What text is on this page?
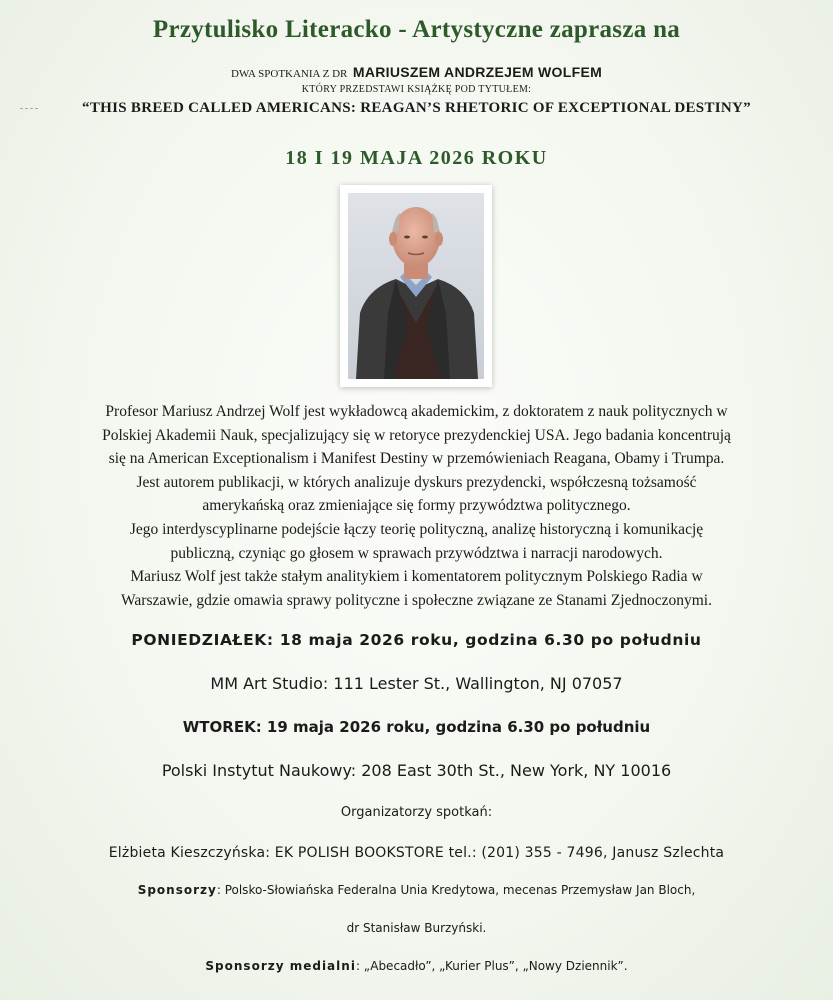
Przytulisko Literacko - Artystyczne zaprasza na
DWA SPOTKANIA Z DR MARIUSZEM ANDRZEJEM WOLFEM
KTÓRY PRZEDSTAWI KSIĄŻKĘ POD TYTUŁEM:
“THIS BREED CALLED AMERICANS: REAGAN’S RHETORIC OF EXCEPTIONAL DESTINY”
18 I 19 MAJA 2026 ROKU
Profesor Mariusz Andrzej Wolf jest wykładowcą akademickim, z doktoratem z nauk politycznych w
Polskiej Akademii Nauk, specjalizujący się w retoryce prezydenckiej USA. Jego badania koncentrują
się na American Exceptionalism i Manifest Destiny w przemówieniach Reagana, Obamy i Trumpa.
Jest autorem publikacji, w których analizuje dyskurs prezydencki, współczesną tożsamość
amerykańską oraz zmieniające się formy przywództwa politycznego.
Jego interdyscyplinarne podejście łączy teorię polityczną, analizę historyczną i komunikację
publiczną, czyniąc go głosem w sprawach przywództwa i narracji narodowych.
Mariusz Wolf jest także stałym analitykiem i komentatorem politycznym Polskiego Radia w
Warszawie, gdzie omawia sprawy polityczne i społeczne związane ze Stanami Zjednoczonymi.
PONIEDZIAŁEK: 18 maja 2026 roku, godzina 6.30 po południu
MM Art Studio: 111 Lester St., Wallington, NJ 07057
WTOREK: 19 maja 2026 roku, godzina 6.30 po południu
Polski Instytut Naukowy: 208 East 30th St., New York, NY 10016
Organizatorzy spotkań:
Elżbieta Kieszczyńska: EK POLISH BOOKSTORE tel.: (201) 355 - 7496, Janusz Szlechta
Sponsorzy: Polsko-Słowiańska Federalna Unia Kredytowa, mecenas Przemysław Jan Bloch,
dr Stanisław Burzyński.
Sponsorzy medialni: „Abecadło”, „Kurier Plus”, „Nowy Dziennik”.
